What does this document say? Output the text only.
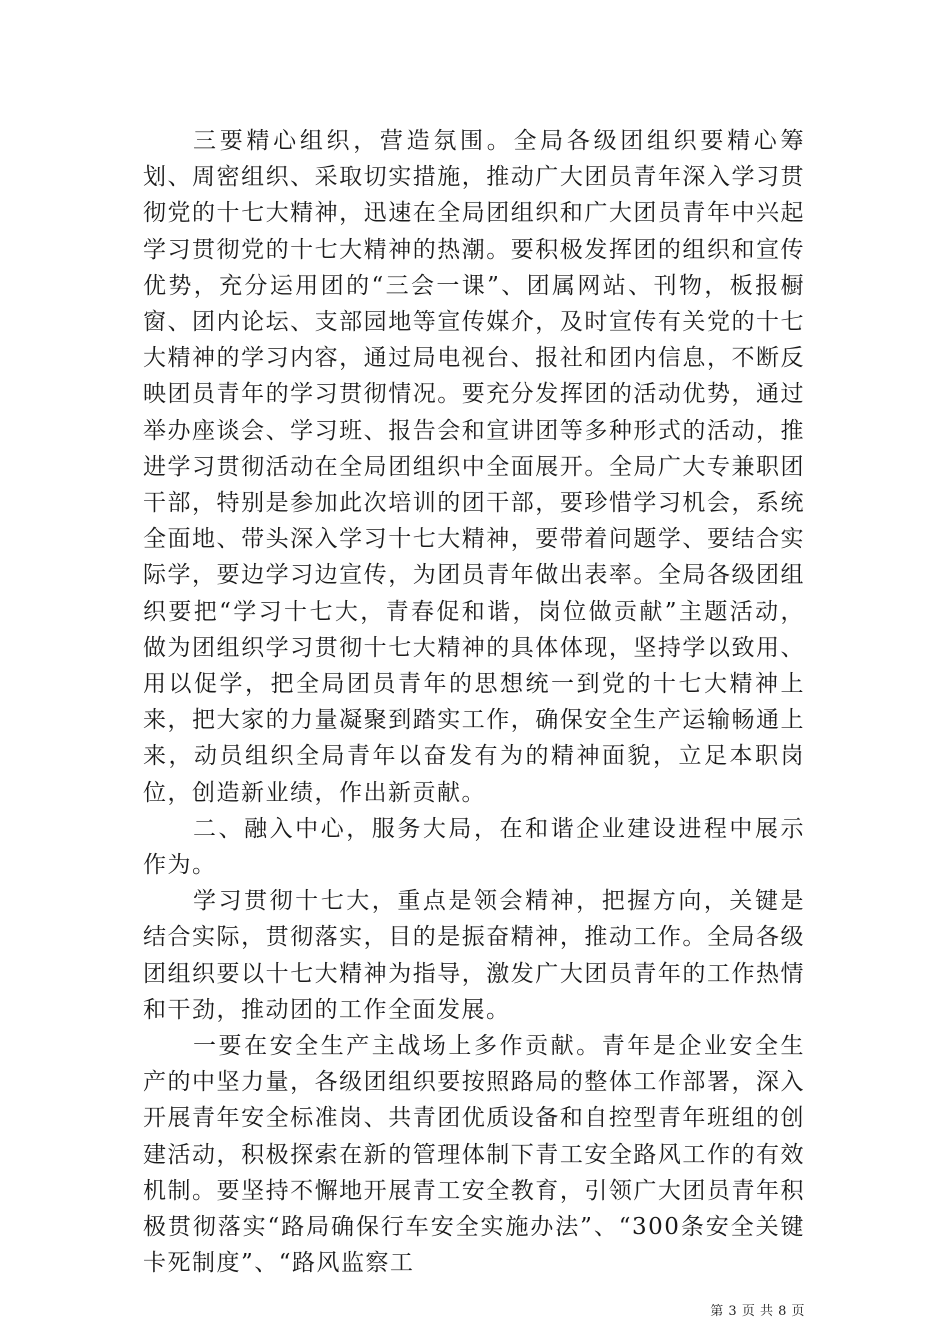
三要精心组织，营造氛围。全局各级团组织要精心筹划、周密组织、采取切实措施，推动广大团员青年深入学习贯彻党的十七大精神，迅速在全局团组织和广大团员青年中兴起学习贯彻党的十七大精神的热潮。要积极发挥团的组织和宣传优势，充分运用团的“三会一课”、团属网站、刊物，板报橱窗、团内论坛、支部园地等宣传媒介，及时宣传有关党的十七大精神的学习内容，通过局电视台、报社和团内信息，不断反映团员青年的学习贯彻情况。要充分发挥团的活动优势，通过举办座谈会、学习班、报告会和宣讲团等多种形式的活动，推进学习贯彻活动在全局团组织中全面展开。全局广大专兼职团干部，特别是参加此次培训的团干部，要珍惜学习机会，系统全面地、带头深入学习十七大精神，要带着问题学、要结合实际学，要边学习边宣传，为团员青年做出表率。全局各级团组织要把“学习十七大，青春促和谐，岗位做贡献”主题活动，做为团组织学习贯彻十七大精神的具体体现，坚持学以致用、用以促学，把全局团员青年的思想统一到党的十七大精神上来，把大家的力量凝聚到踏实工作，确保安全生产运输畅通上来，动员组织全局青年以奋发有为的精神面貌，立足本职岗位，创造新业绩，作出新贡献。

二、融入中心，服务大局，在和谐企业建设进程中展示作为。

学习贯彻十七大，重点是领会精神，把握方向，关键是结合实际，贯彻落实，目的是振奋精神，推动工作。全局各级团组织要以十七大精神为指导，激发广大团员青年的工作热情和干劲，推动团的工作全面发展。

一要在安全生产主战场上多作贡献。青年是企业安全生产的中坚力量，各级团组织要按照路局的整体工作部署，深入开展青年安全标准岗、共青团优质设备和自控型青年班组的创建活动，积极探索在新的管理体制下青工安全路风工作的有效机制。要坚持不懈地开展青工安全教育，引领广大团员青年积极贯彻落实“路局确保行车安全实施办法”、“300条安全关键卡死制度”、“路风监察工

第 3 页 共 8 页
